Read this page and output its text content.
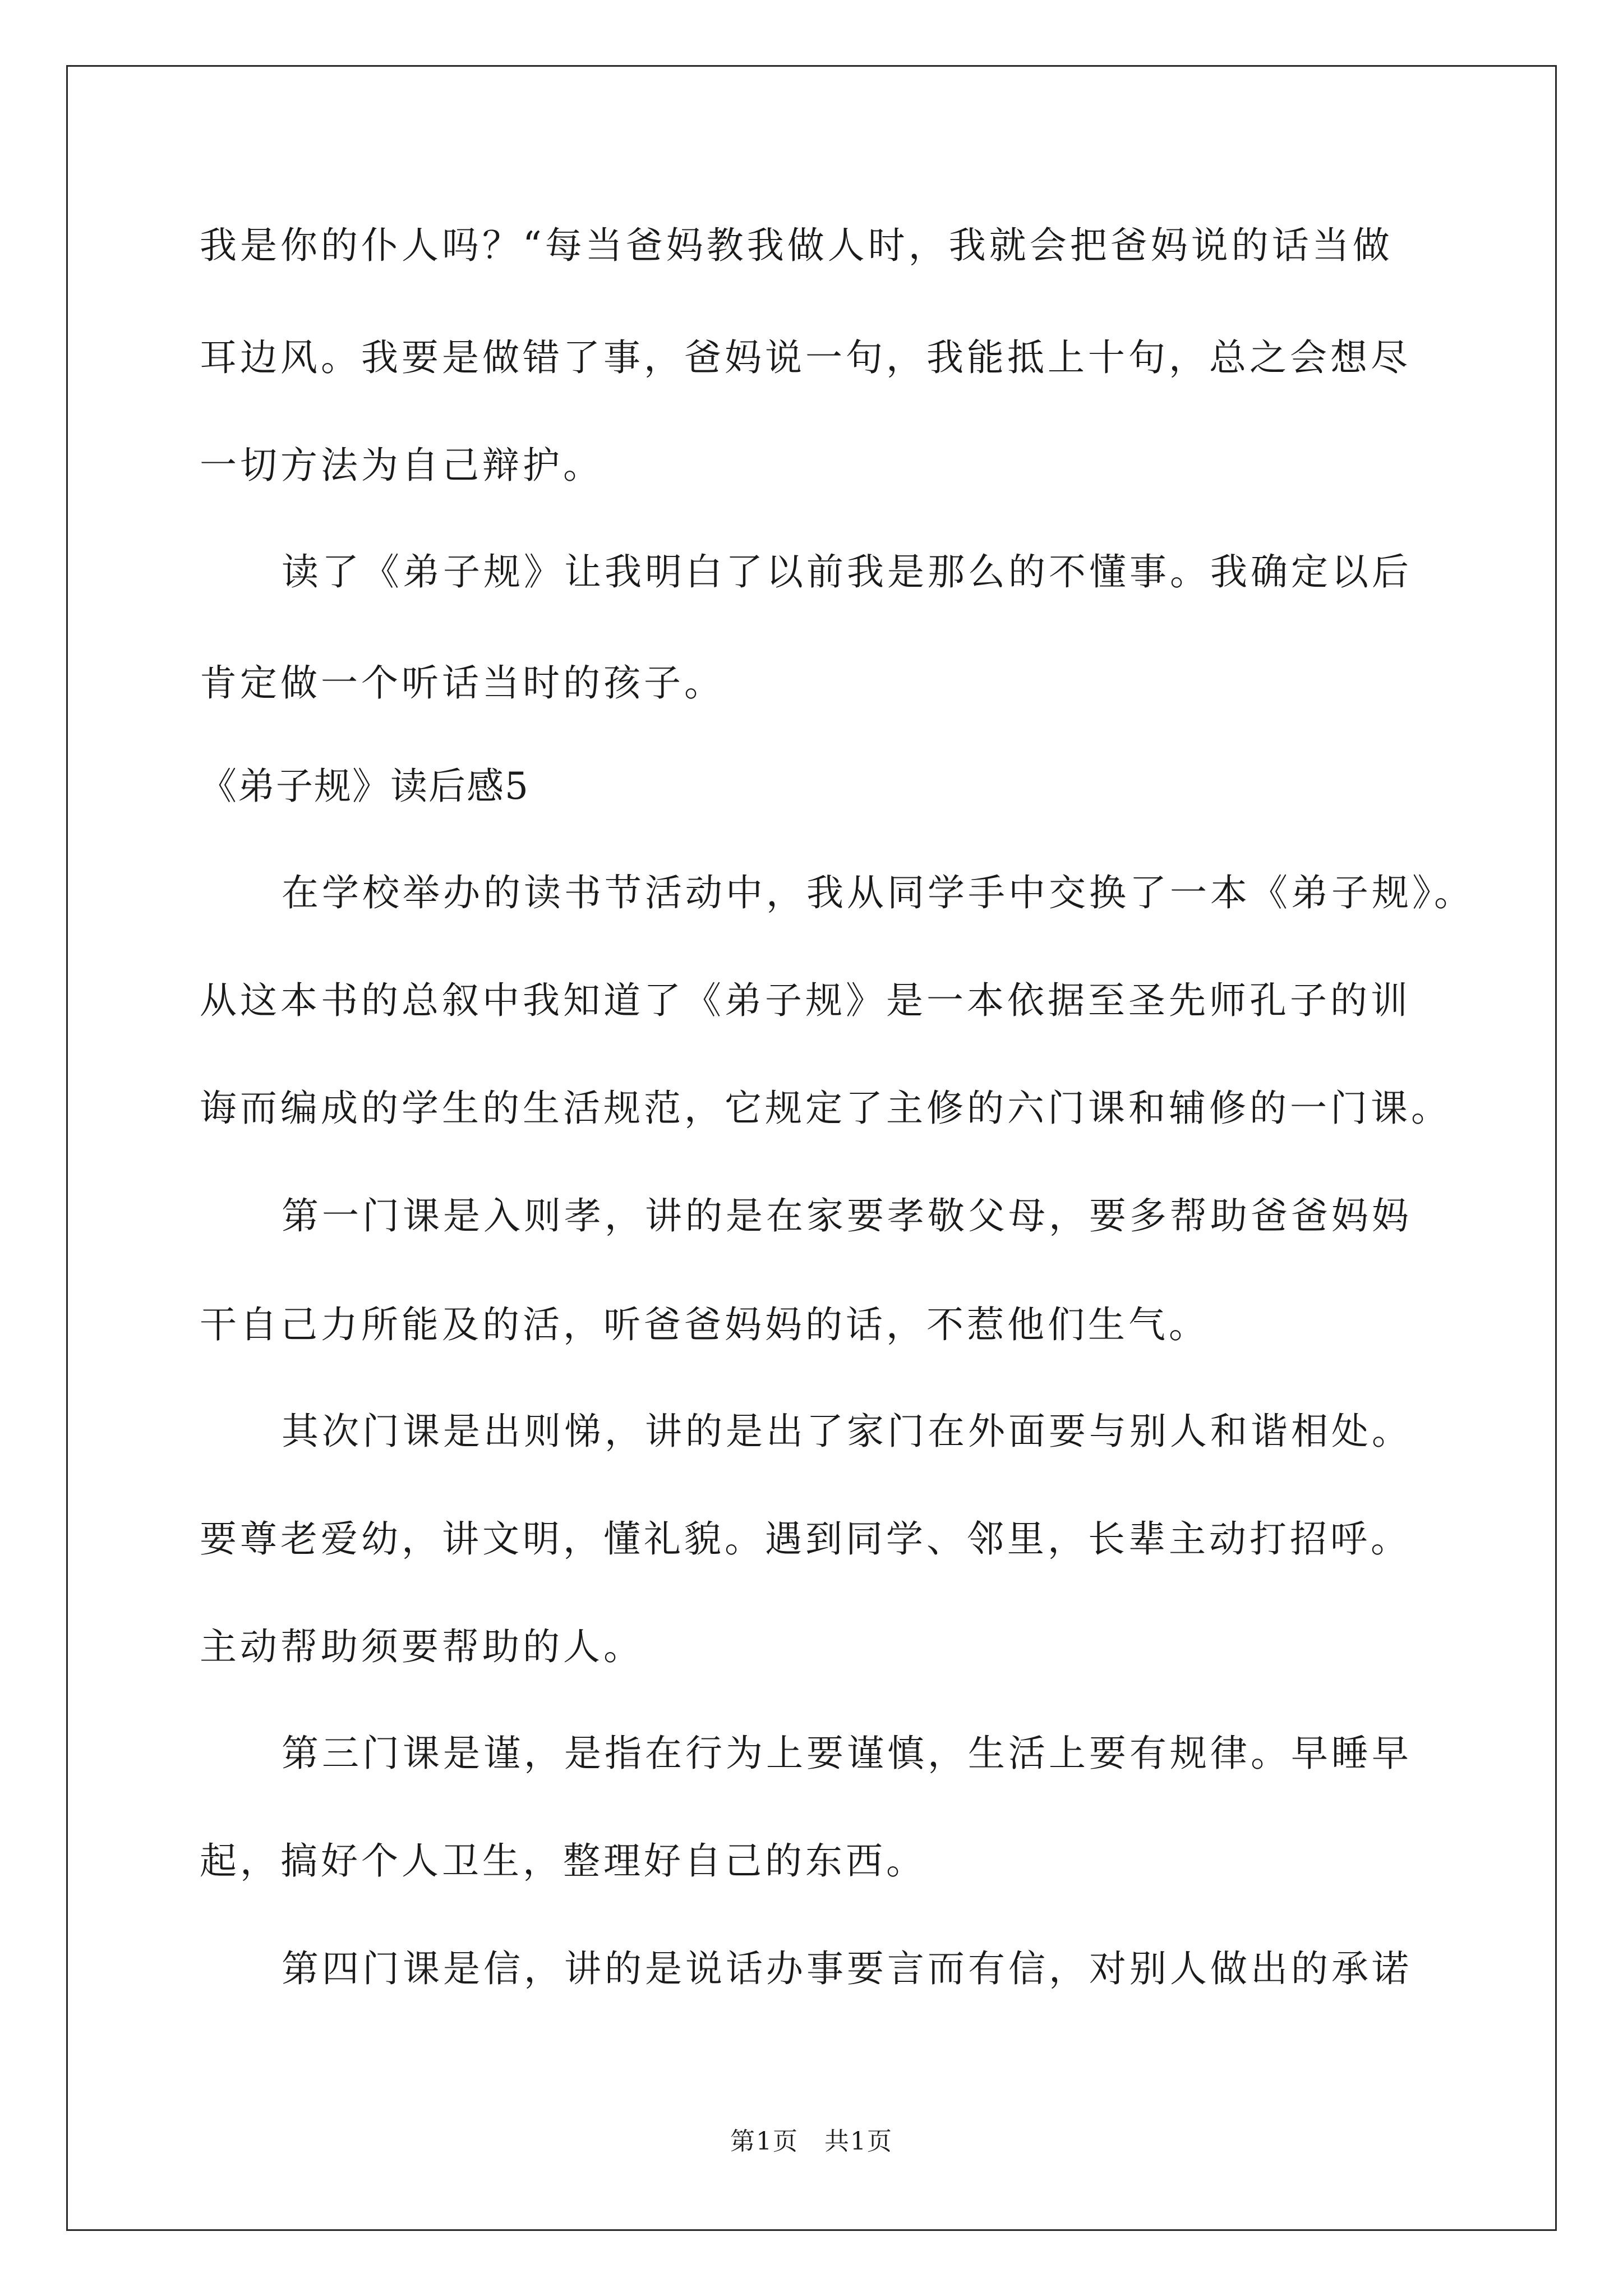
我是你的仆人吗？“每当爸妈教我做人时，我就会把爸妈说的话当做
耳边风。我要是做错了事，爸妈说一句，我能抵上十句，总之会想尽
一切方法为自己辩护。
读了《弟子规》让我明白了以前我是那么的不懂事。我确定以后
肯定做一个听话当时的孩子。
《弟子规》读后感5
在学校举办的读书节活动中，我从同学手中交换了一本《弟子规》。
从这本书的总叙中我知道了《弟子规》是一本依据至圣先师孔子的训
诲而编成的学生的生活规范，它规定了主修的六门课和辅修的一门课。
第一门课是入则孝，讲的是在家要孝敬父母，要多帮助爸爸妈妈
干自己力所能及的活，听爸爸妈妈的话，不惹他们生气。
其次门课是出则悌，讲的是出了家门在外面要与别人和谐相处。
要尊老爱幼，讲文明，懂礼貌。遇到同学、邻里，长辈主动打招呼。
主动帮助须要帮助的人。
第三门课是谨，是指在行为上要谨慎，生活上要有规律。早睡早
起，搞好个人卫生，整理好自己的东西。
第四门课是信，讲的是说话办事要言而有信，对别人做出的承诺
第1页　共1页
